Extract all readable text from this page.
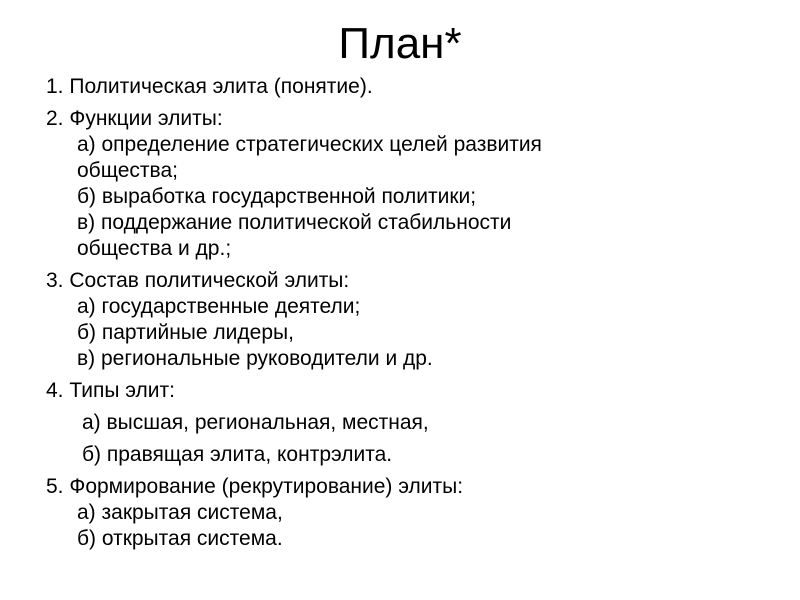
План*
1. Политическая элита (понятие).
2. Функции элиты:
а) определение стратегических целей развития
общества;
б) выработка государственной политики;
в) поддержание политической стабильности
общества и др.;
3. Состав политической элиты:
а) государственные деятели;
б) партийные лидеры,
в) региональные руководители и др.
4. Типы элит:
а) высшая, региональная, местная,
б) правящая элита, контрэлита.
5. Формирование (рекрутирование) элиты:
а) закрытая система,
б) открытая система.
